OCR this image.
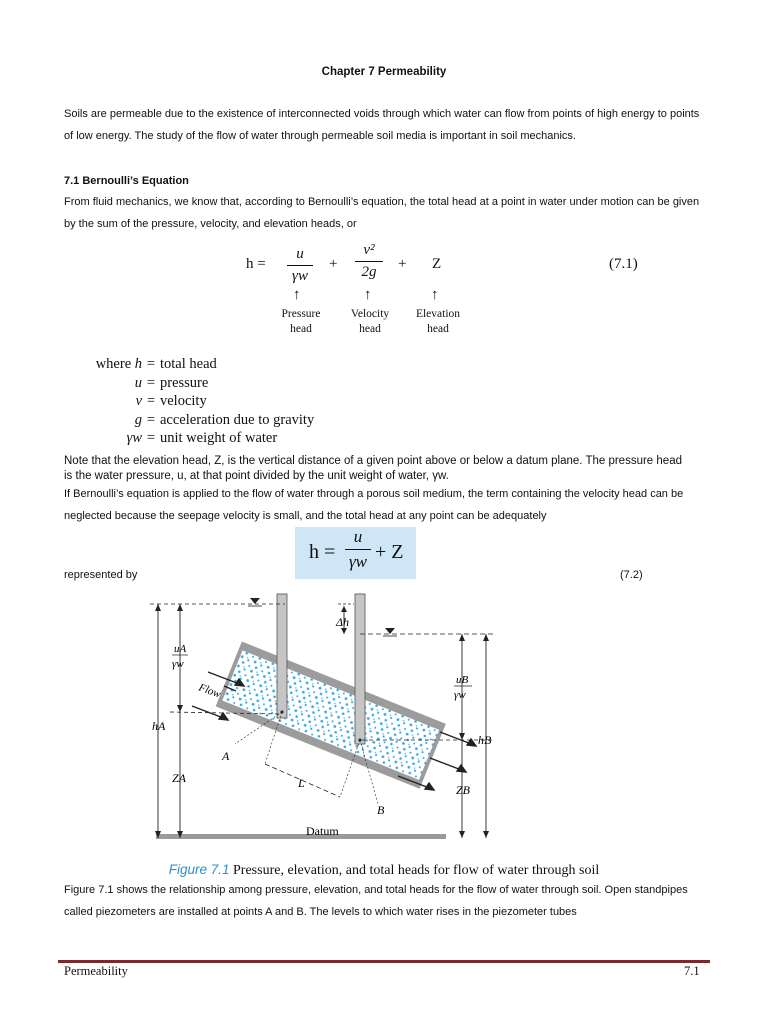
Chapter 7 Permeability
Soils are permeable due to the existence of interconnected voids through which water can flow from points of high energy to points of low energy. The study of the flow of water through permeable soil media is important in soil mechanics.
7.1 Bernoulli’s Equation
From fluid mechanics, we know that, according to Bernoulli’s equation, the total head at a point in water under motion can be given by the sum of the pressure, velocity, and elevation heads, or
h =
u
γw
+
v²
2g	+ Z	(7.1)
↑	↑	↑
Pressure
head
Velocity
head
Elevation
head
where h	=	total head
u	=	pressure
v	=	velocity
g	=	acceleration due to gravity
γw	=	unit weight of water
Note that the elevation head, Z, is the vertical distance of a given point above or below a datum plane. The pressure head is the water pressure, u, at that point divided by the unit weight of water, γw.
If Bernoulli’s equation is applied to the flow of water through a porous soil medium, the term containing the velocity head can be neglected because the seepage velocity is small, and the total head at any point can be adequately
h =
u
γw + Z
represented by	(7.2)
Δh
uA
γw
uB
γw
Flow
hA
hB
ZA
ZB
A
B
L
Datum
Figure 7.1 Pressure, elevation, and total heads for flow of water through soil
Figure 7.1 shows the relationship among pressure, elevation, and total heads for the flow of water through soil. Open standpipes called piezometers are installed at points A and B. The levels to which water rises in the piezometer tubes
Permeability	7.1
